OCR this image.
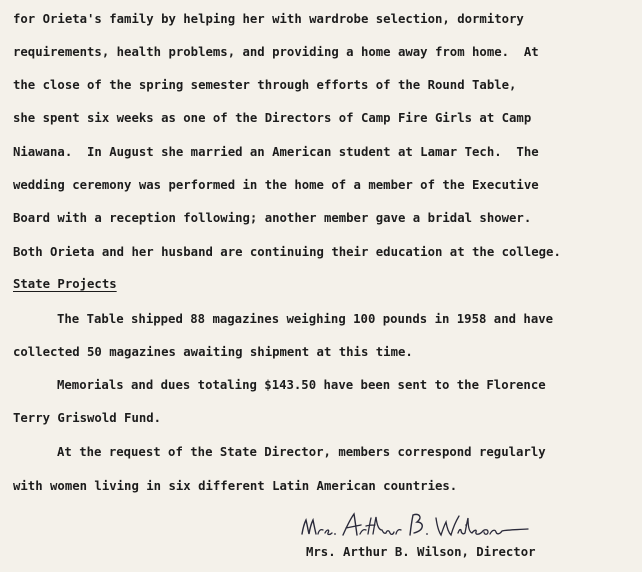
for Orieta's family by helping her with wardrobe selection, dormitory
requirements, health problems, and providing a home away from home.  At
the close of the spring semester through efforts of the Round Table,
she spent six weeks as one of the Directors of Camp Fire Girls at Camp
Niawana.  In August she married an American student at Lamar Tech.  The
wedding ceremony was performed in the home of a member of the Executive
Board with a reception following; another member gave a bridal shower.
Both Orieta and her husband are continuing their education at the college.
State Projects
The Table shipped 88 magazines weighing 100 pounds in 1958 and have
collected 50 magazines awaiting shipment at this time.
Memorials and dues totaling $143.50 have been sent to the Florence
Terry Griswold Fund.
At the request of the State Director, members correspond regularly
with women living in six different Latin American countries.
Mrs. Arthur B. Wilson, Director
